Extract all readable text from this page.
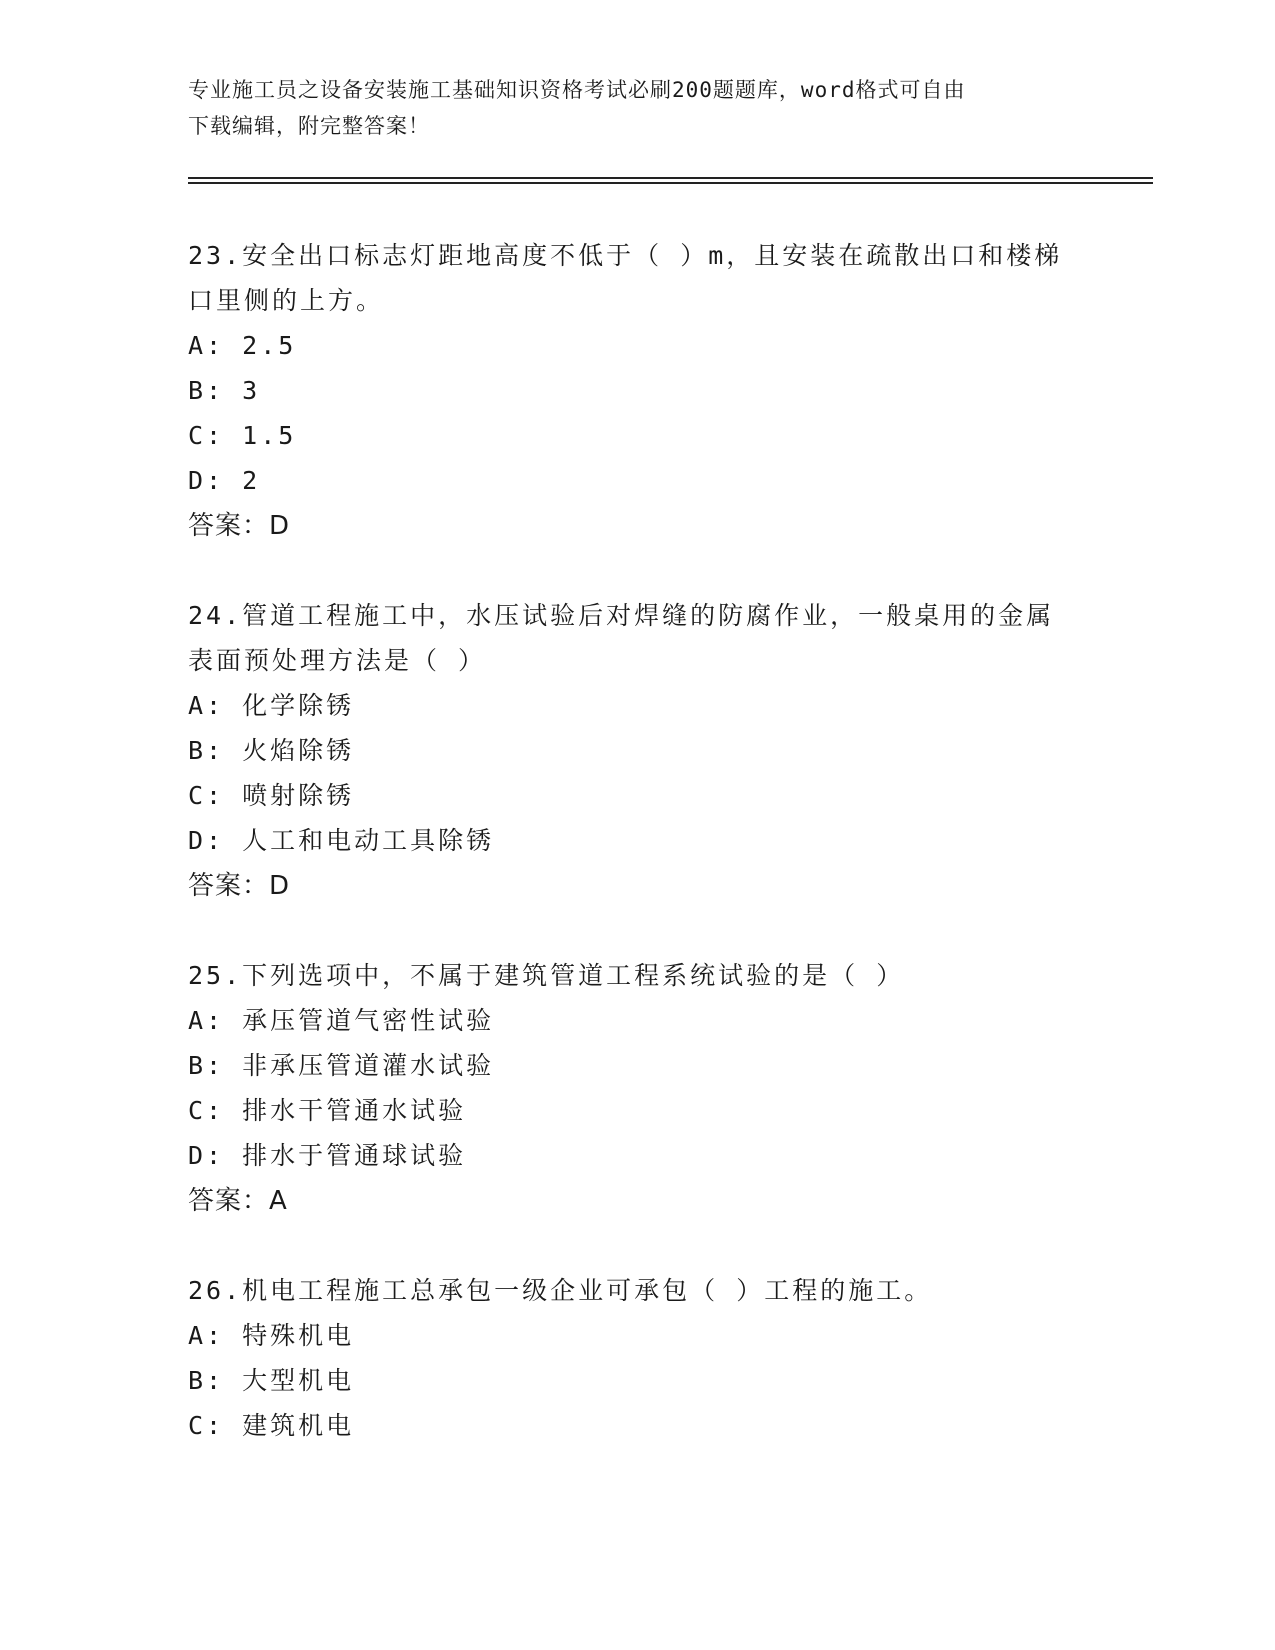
专业施工员之设备安装施工基础知识资格考试必刷200题题库，word格式可自由
下载编辑，附完整答案！
23.安全出口标志灯距地高度不低于（ ）m，且安装在疏散出口和楼梯
口里侧的上方。
A: 2.5
B: 3
C: 1.5
D: 2
答案：D
24.管道工程施工中，水压试验后对焊缝的防腐作业，一般桌用的金属
表面预处理方法是（ ）
A: 化学除锈
B: 火焰除锈
C: 喷射除锈
D: 人工和电动工具除锈
答案：D
25.下列选项中，不属于建筑管道工程系统试验的是（ ）
A: 承压管道气密性试验
B: 非承压管道灌水试验
C: 排水干管通水试验
D: 排水于管通球试验
答案：A
26.机电工程施工总承包一级企业可承包（ ）工程的施工。
A: 特殊机电
B: 大型机电
C: 建筑机电
